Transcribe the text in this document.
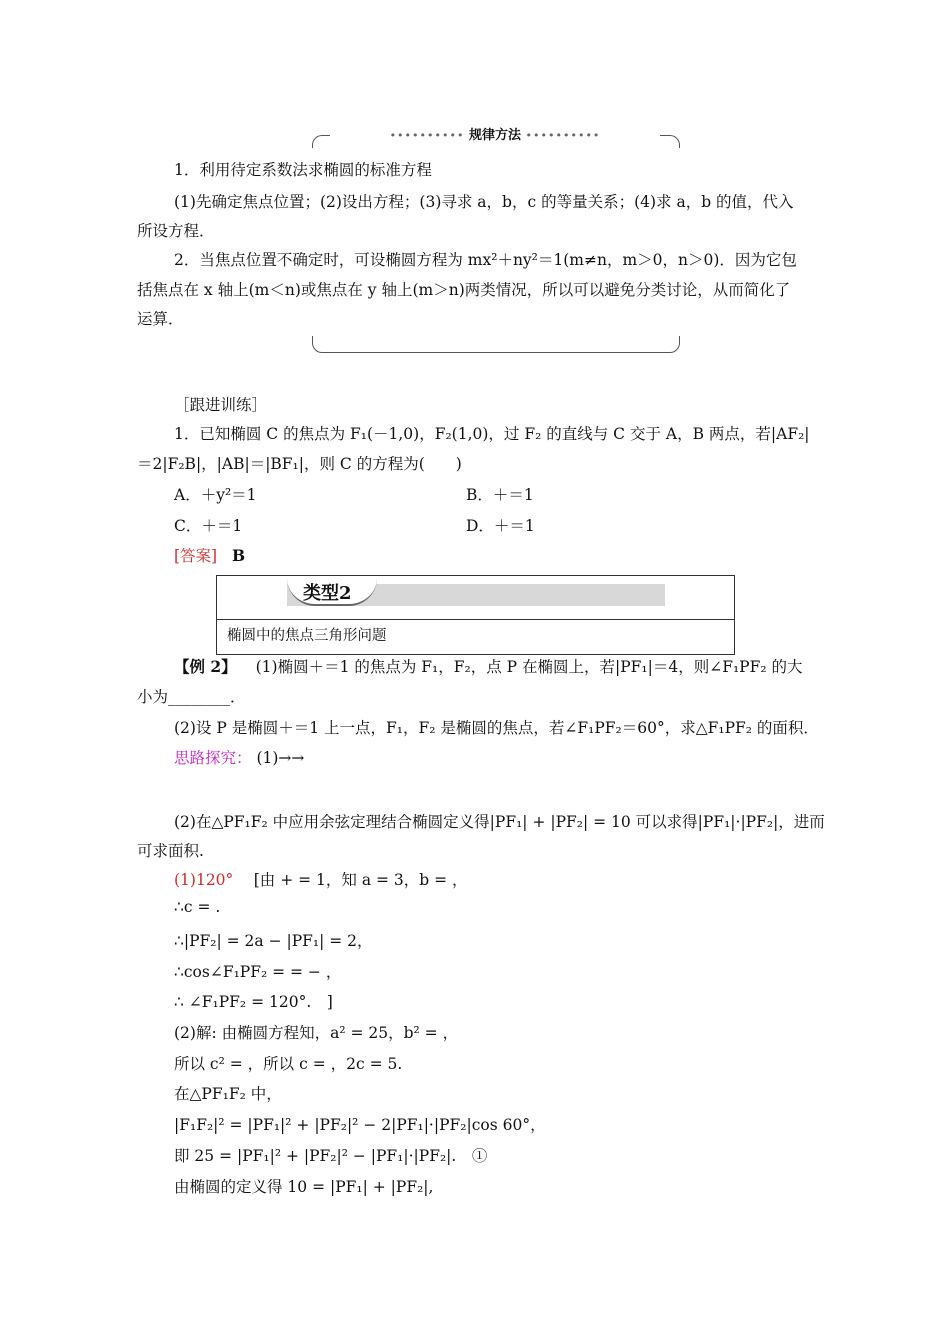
•••••••••• 规律方法 ••••••••••
1．利用待定系数法求椭圆的标准方程
(1)先确定焦点位置；(2)设出方程；(3)寻求 a，b，c 的等量关系；(4)求 a，b 的值，代入
所设方程．
2．当焦点位置不确定时，可设椭圆方程为 mx²＋ny²＝1(m≠n，m＞0，n＞0)．因为它包
括焦点在 x 轴上(m＜n)或焦点在 y 轴上(m＞n)两类情况，所以可以避免分类讨论，从而简化了
运算．
［跟进训练］
1．已知椭圆 C 的焦点为 F₁(－1,0)，F₂(1,0)，过 F₂ 的直线与 C 交于 A，B 两点，若|AF₂|
＝2|F₂B|，|AB|＝|BF₁|，则 C 的方程为(　　)
A．＋y²＝1	B．＋＝1
C．＋＝1	D．＋＝1
[答案] B
类型2
椭圆中的焦点三角形问题
【例 2】 (1)椭圆＋＝1 的焦点为 F₁，F₂，点 P 在椭圆上，若|PF₁|＝4，则∠F₁PF₂ 的大
小为________．
(2)设 P 是椭圆＋＝1 上一点，F₁，F₂ 是椭圆的焦点，若∠F₁PF₂＝60°，求△F₁PF₂ 的面积．
思路探究： (1)→→
(2)在△PF₁F₂ 中应用余弦定理结合椭圆定义得|PF₁| + |PF₂| = 10 可以求得|PF₁|·|PF₂|，进而
可求面积.
(1)120° 　[由 + = 1，知 a = 3，b = ，
∴c = .
∴|PF₂| = 2a − |PF₁| = 2，
∴cos∠F₁PF₂ = = − ，
∴ ∠F₁PF₂ = 120°.　]
(2)解: 由椭圆方程知，a² = 25，b² = ，
所以 c² = ，所以 c = ，2c = 5.
在△PF₁F₂ 中，
|F₁F₂|² = |PF₁|² + |PF₂|² − 2|PF₁|·|PF₂|cos 60°，
即 25 = |PF₁|² + |PF₂|² − |PF₁|·|PF₂|.　①
由椭圆的定义得 10 = |PF₁| + |PF₂|,
